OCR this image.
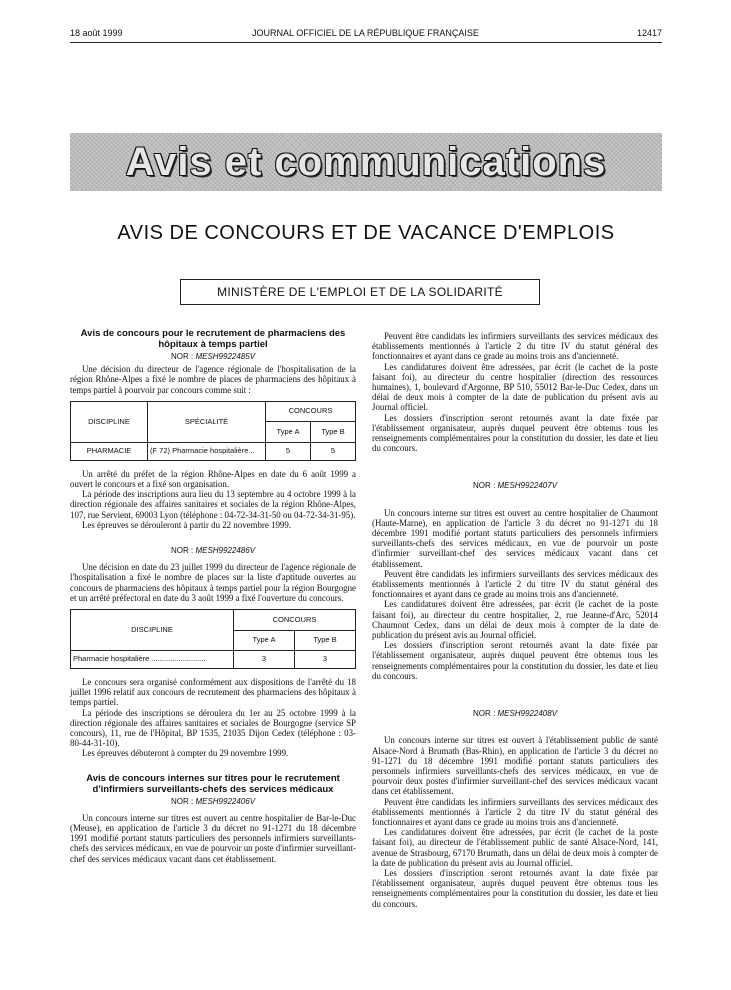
18 août 1999	JOURNAL OFFICIEL DE LA RÉPUBLIQUE FRANÇAISE	12417
Avis et communications
AVIS DE CONCOURS ET DE VACANCE D'EMPLOIS
MINISTÈRE DE L'EMPLOI ET DE LA SOLIDARITÉ

Avis de concours pour le recrutement de pharmaciens des hôpitaux à temps partiel

NOR : MESH9922485V

Une décision du directeur de l'agence régionale de l'hospitalisation de la région Rhône-Alpes a fixé le nombre de places de pharmaciens des hôpitaux à temps partiel à pourvoir par concours comme suit :

DISCIPLINE	SPÉCIALITÉ	CONCOURS	
		Type A	Type B
PHARMACIE	(F 72) Pharmacie hospitalière...	5	5

Un arrêté du préfet de la région Rhône-Alpes en date du 6 août 1999 a ouvert le concours et a fixé son organisation.

La période des inscriptions aura lieu du 13 septembre au 4 octobre 1999 à la direction régionale des affaires sanitaires et sociales de la région Rhône-Alpes, 107, rue Servient, 69003 Lyon (téléphone : 04-72-34-31-50 ou 04-72-34-31-95).

Les épreuves se dérouleront à partir du 22 novembre 1999.

NOR : MESH9922486V

Une décision en date du 23 juillet 1999 du directeur de l'agence régionale de l'hospitalisation a fixé le nombre de places sur la liste d'aptitude ouvertes au concours de pharmaciens des hôpitaux à temps partiel pour la région Bourgogne et un arrêté préfectoral en date du 3 août 1999 a fixé l'ouverture du concours.

DISCIPLINE	CONCOURS	
	Type A	Type B
Pharmacie hospitalière ..........................	3	3

Le concours sera organisé conformément aux dispositions de l'arrêté du 18 juillet 1996 relatif aux concours de recrutement des pharmaciens des hôpitaux à temps partiel.

La période des inscriptions se déroulera du 1er au 25 octobre 1999 à la direction régionale des affaires sanitaires et sociales de Bourgogne (service SP concours), 11, rue de l'Hôpital, BP 1535, 21035 Dijon Cedex (téléphone : 03-80-44-31-10).

Les épreuves débuteront à compter du 29 novembre 1999.

Avis de concours internes sur titres pour le recrutement d'infirmiers surveillants-chefs des services médicaux

NOR : MESH9922406V

Un concours interne sur titres est ouvert au centre hospitalier de Bar-le-Duc (Meuse), en application de l'article 3 du décret no 91-1271 du 18 décembre 1991 modifié portant statuts particuliers des personnels infirmiers surveillants-chefs des services médicaux, en vue de pourvoir un poste d'infirmier surveillant-chef des services médicaux vacant dans cet établissement.

Peuvent être candidats les infirmiers surveillants des services médicaux des établissements mentionnés à l'article 2 du titre IV du statut général des fonctionnaires et ayant dans ce grade au moins trois ans d'ancienneté.

Les candidatures doivent être adressées, par écrit (le cachet de la poste faisant foi), au directeur du centre hospitalier (direction des ressources humaines), 1, boulevard d'Argonne, BP 510, 55012 Bar-le-Duc Cedex, dans un délai de deux mois à compter de la date de publication du présent avis au Journal officiel.

Les dossiers d'inscription seront retournés avant la date fixée par l'établissement organisateur, auprès duquel peuvent être obtenus tous les renseignements complémentaires pour la constitution du dossier, les date et lieu du concours.

NOR : MESH9922407V

Un concours interne sur titres est ouvert au centre hospitalier de Chaumont (Haute-Marne), en application de l'article 3 du décret no 91-1271 du 18 décembre 1991 modifié portant statuts particuliers des personnels infirmiers surveillants-chefs des services médicaux, en vue de pourvoir un poste d'infirmier surveillant-chef des services médicaux vacant dans cet établissement.

Peuvent être candidats les infirmiers surveillants des services médicaux des établissements mentionnés à l'article 2 du titre IV du statut général des fonctionnaires et ayant dans ce grade au moins trois ans d'ancienneté.

Les candidatures doivent être adressées, par écrit (le cachet de la poste faisant foi), au directeur du centre hospitalier, 2, rue Jeanne-d'Arc, 52014 Chaumont Cedex, dans un délai de deux mois à compter de la date de publication du présent avis au Journal officiel.

Les dossiers d'inscription seront retournés avant la date fixée par l'établissement organisateur, auprès duquel peuvent être obtenus tous les renseignements complémentaires pour la constitution du dossier, les date et lieu du concours.

NOR : MESH9922408V

Un concours interne sur titres est ouvert à l'établissement public de santé Alsace-Nord à Brumath (Bas-Rhin), en application de l'article 3 du décret no 91-1271 du 18 décembre 1991 modifié portant statuts particuliers des personnels infirmiers surveillants-chefs des services médicaux, en vue de pourvoir deux postes d'infirmier surveillant-chef des services médicaux vacant dans cet établissement.

Peuvent être candidats les infirmiers surveillants des services médicaux des établissements mentionnés à l'article 2 du titre IV du statut général des fonctionnaires et ayant dans ce grade au moins trois ans d'ancienneté.

Les candidatures doivent être adressées, par écrit (le cachet de la poste faisant foi), au directeur de l'établissement public de santé Alsace-Nord, 141, avenue de Strasbourg, 67170 Brumath, dans un délai de deux mois à compter de la date de publication du présent avis au Journal officiel.

Les dossiers d'inscription seront retournés avant la date fixée par l'établissement organisateur, auprès duquel peuvent être obtenus tous les renseignements complémentaires pour la constitution du dossier, les date et lieu du concours.
